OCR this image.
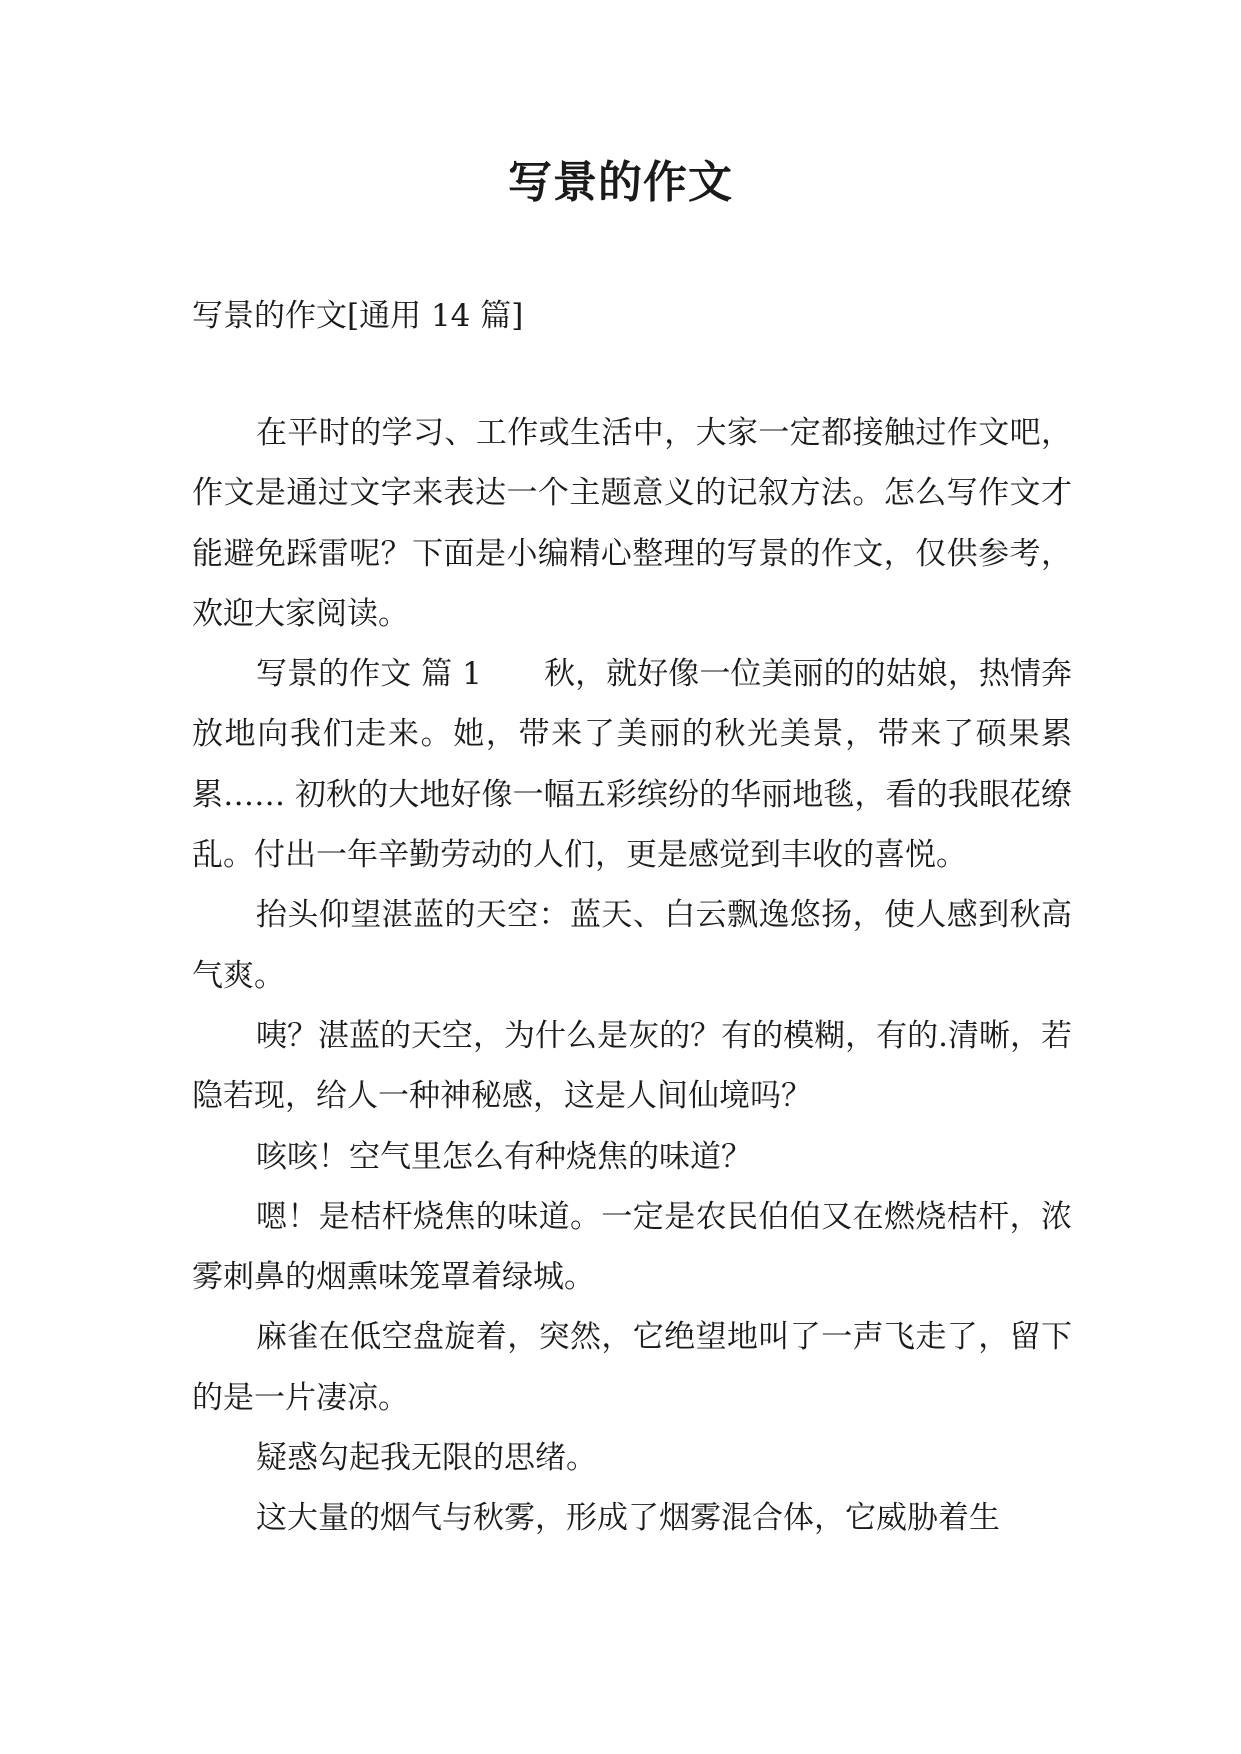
写景的作文
写景的作文[通用 14 篇]

在平时的学习、工作或生活中，大家一定都接触过作文吧，作文是通过文字来表达一个主题意义的记叙方法。怎么写作文才能避免踩雷呢？下面是小编精心整理的写景的作文，仅供参考，欢迎大家阅读。

写景的作文 篇 1　　秋，就好像一位美丽的的姑娘，热情奔放地向我们走来。她，带来了美丽的秋光美景，带来了硕果累累…… 初秋的大地好像一幅五彩缤纷的华丽地毯，看的我眼花缭乱。付出一年辛勤劳动的人们，更是感觉到丰收的喜悦。

抬头仰望湛蓝的天空：蓝天、白云飘逸悠扬，使人感到秋高气爽。

咦？湛蓝的天空，为什么是灰的？有的模糊，有的.清晰，若隐若现，给人一种神秘感，这是人间仙境吗？

咳咳！空气里怎么有种烧焦的味道？

嗯！是桔杆烧焦的味道。一定是农民伯伯又在燃烧桔杆，浓雾刺鼻的烟熏味笼罩着绿城。

麻雀在低空盘旋着，突然，它绝望地叫了一声飞走了，留下的是一片凄凉。

疑惑勾起我无限的思绪。

这大量的烟气与秋雾，形成了烟雾混合体，它威胁着生
